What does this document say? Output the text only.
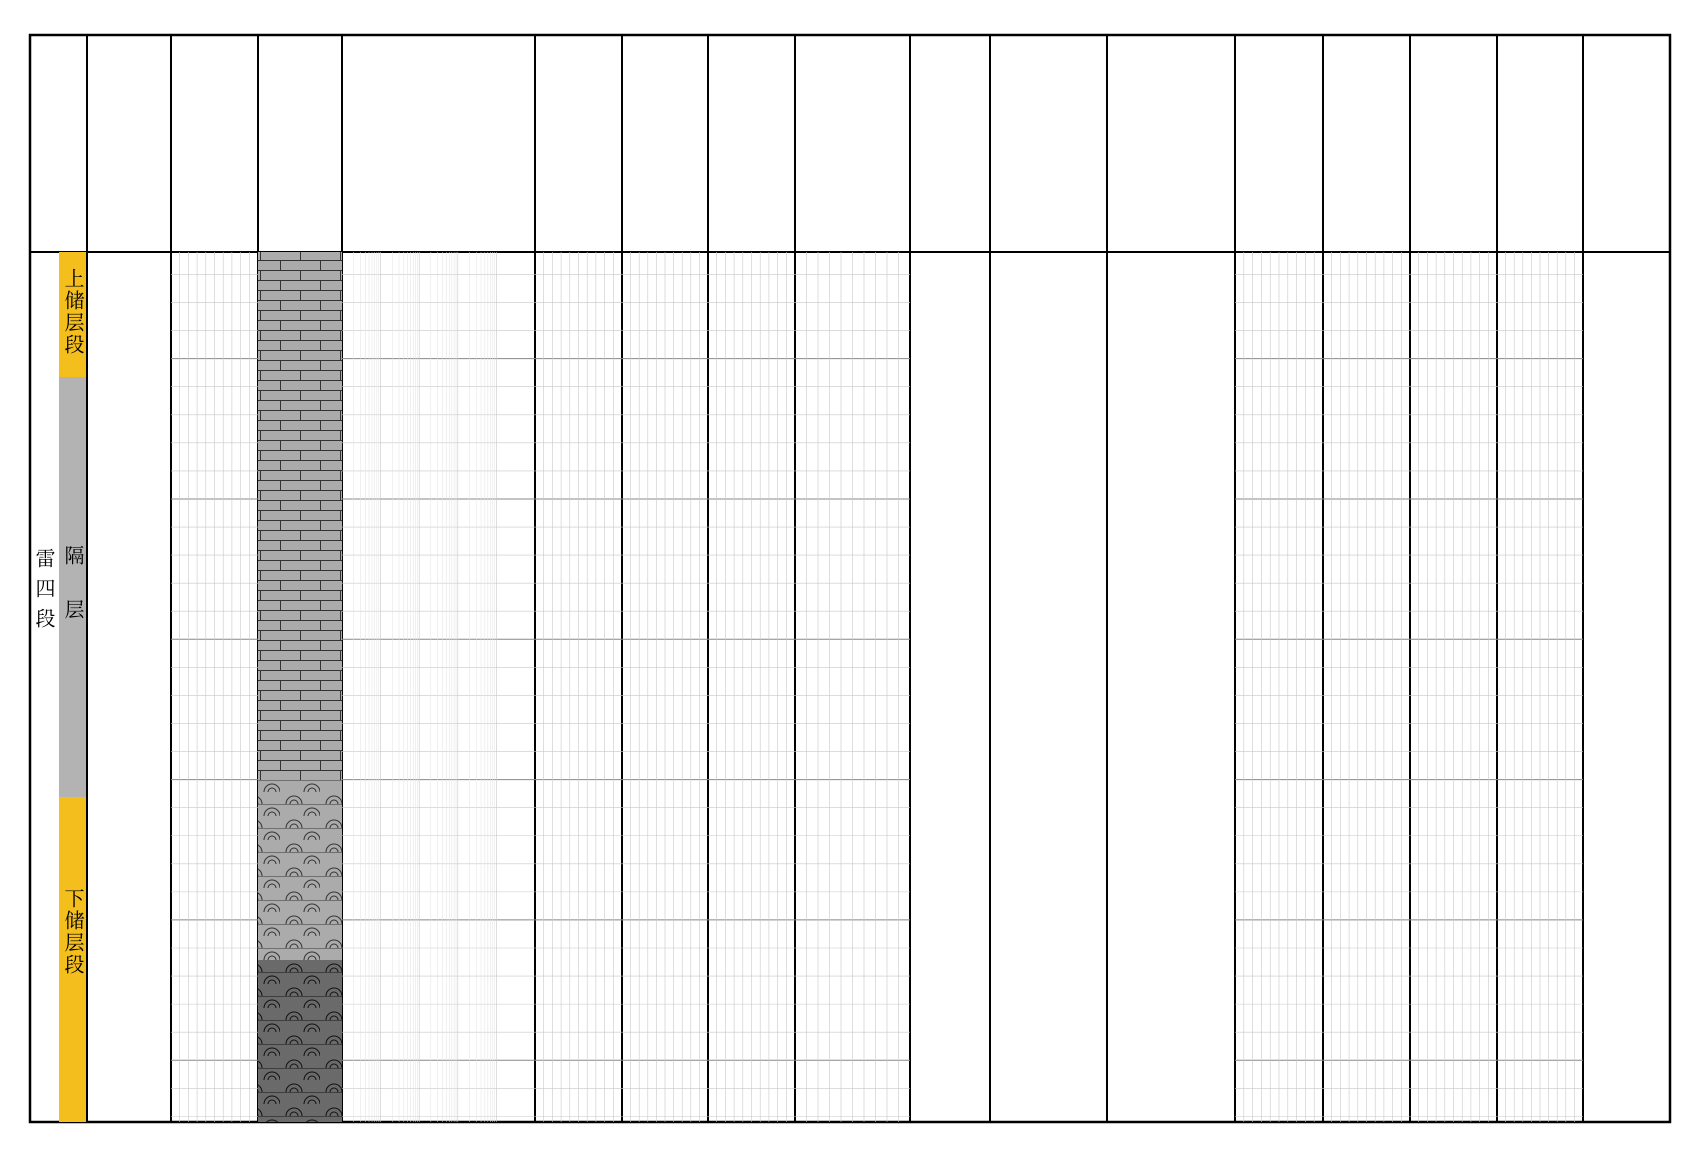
上储层段
隔层
下储层段
雷四段
